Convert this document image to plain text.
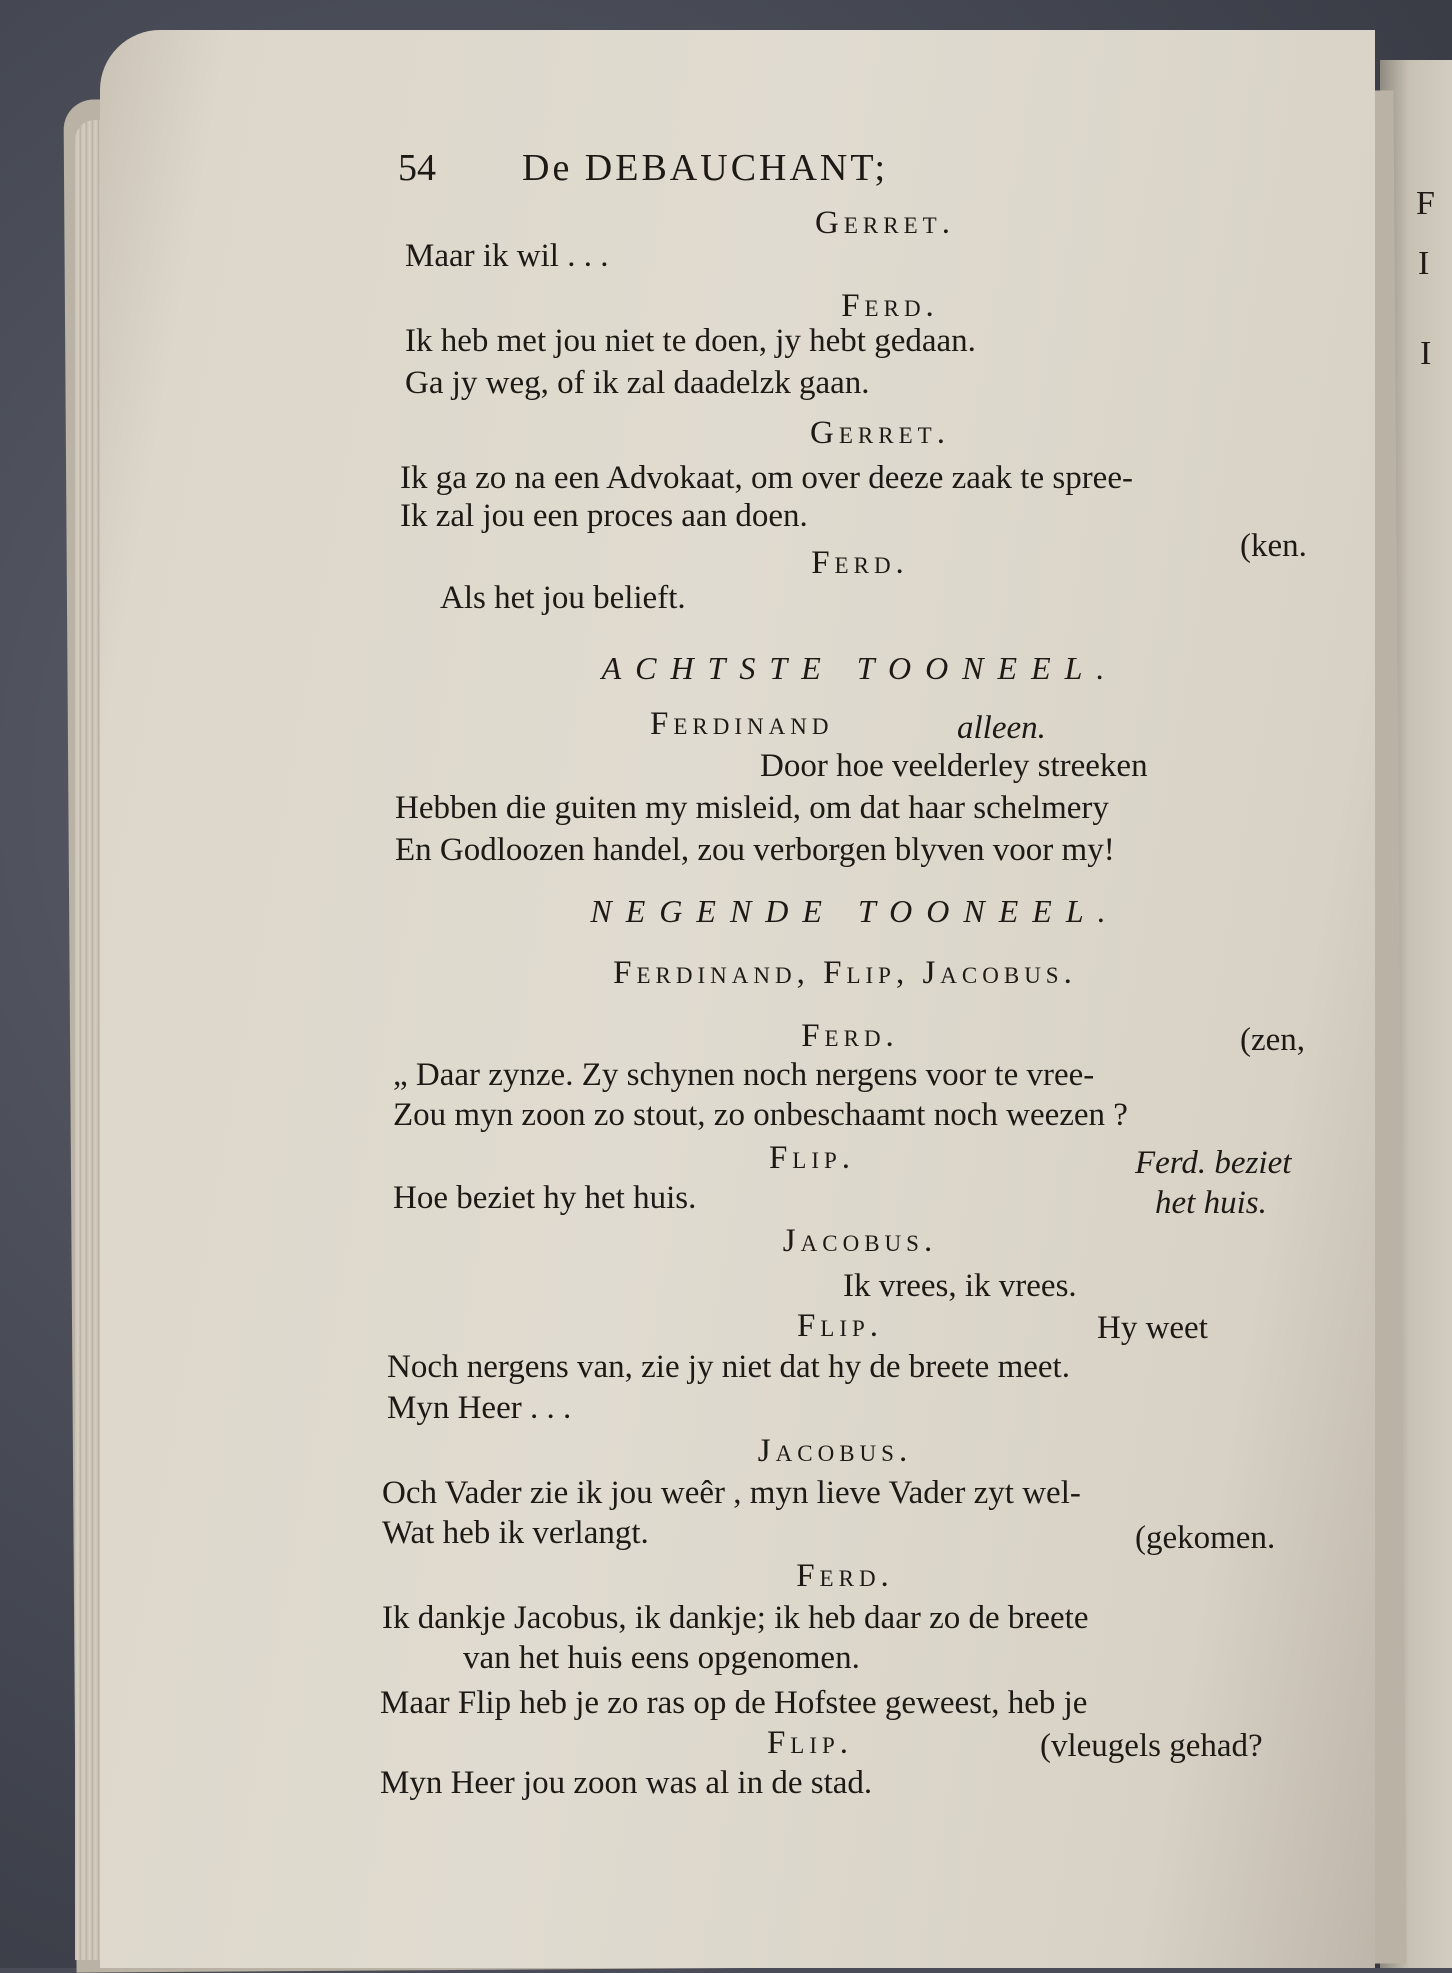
F
I
I
54 De DEBAUCHANT;
Gerret.
Maar ik wil . . .
Ferd.
Ik heb met jou niet te doen, jy hebt gedaan.
Ga jy weg, of ik zal daadelzk gaan.
Gerret.
Ik ga zo na een Advokaat, om over deeze zaak te spree-
Ik zal jou een proces aan doen.
(ken.
Ferd.
Als het jou belieft.
ACHTSTE TOONEEL.
Ferdinand	alleen.
Door hoe veelderley streeken
Hebben die guiten my misleid, om dat haar schelmery
En Godloozen handel, zou verborgen blyven voor my!
NEGENDE TOONEEL.
Ferdinand, Flip, Jacobus.
Ferd.	(zen,
„ Daar zynze. Zy schynen noch nergens voor te vree-
Zou myn zoon zo stout, zo onbeschaamt noch weezen ?
Flip.	Ferd. beziet
Hoe beziet hy het huis.	het huis.
Jacobus.
Ik vrees, ik vrees.
Flip.	Hy weet
Noch nergens van, zie jy niet dat hy de breete meet.
Myn Heer . . .
Jacobus.
Och Vader zie ik jou weêr , myn lieve Vader zyt wel-
Wat heb ik verlangt.	(gekomen.
Ferd.
Ik dankje Jacobus, ik dankje; ik heb daar zo de breete
van het huis eens opgenomen.
Maar Flip heb je zo ras op de Hofstee geweest, heb je
Flip.	(vleugels gehad?
Myn Heer jou zoon was al in de stad.
